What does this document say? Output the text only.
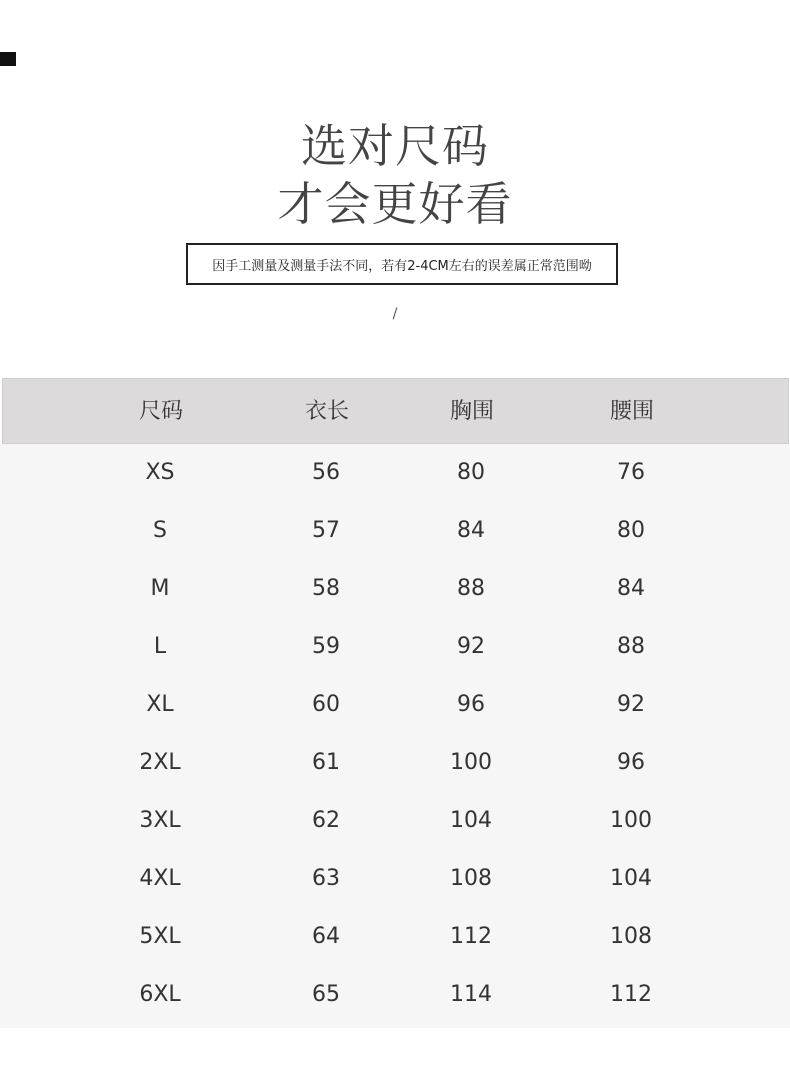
选对尺码
才会更好看
因手工测量及测量手法不同，若有2-4CM左右的误差属正常范围呦
/
尺码	衣长	胸围	腰围
XS	56	80	76
S	57	84	80
M	58	88	84
L	59	92	88
XL	60	96	92
2XL	61	100	96
3XL	62	104	100
4XL	63	108	104
5XL	64	112	108
6XL	65	114	112
